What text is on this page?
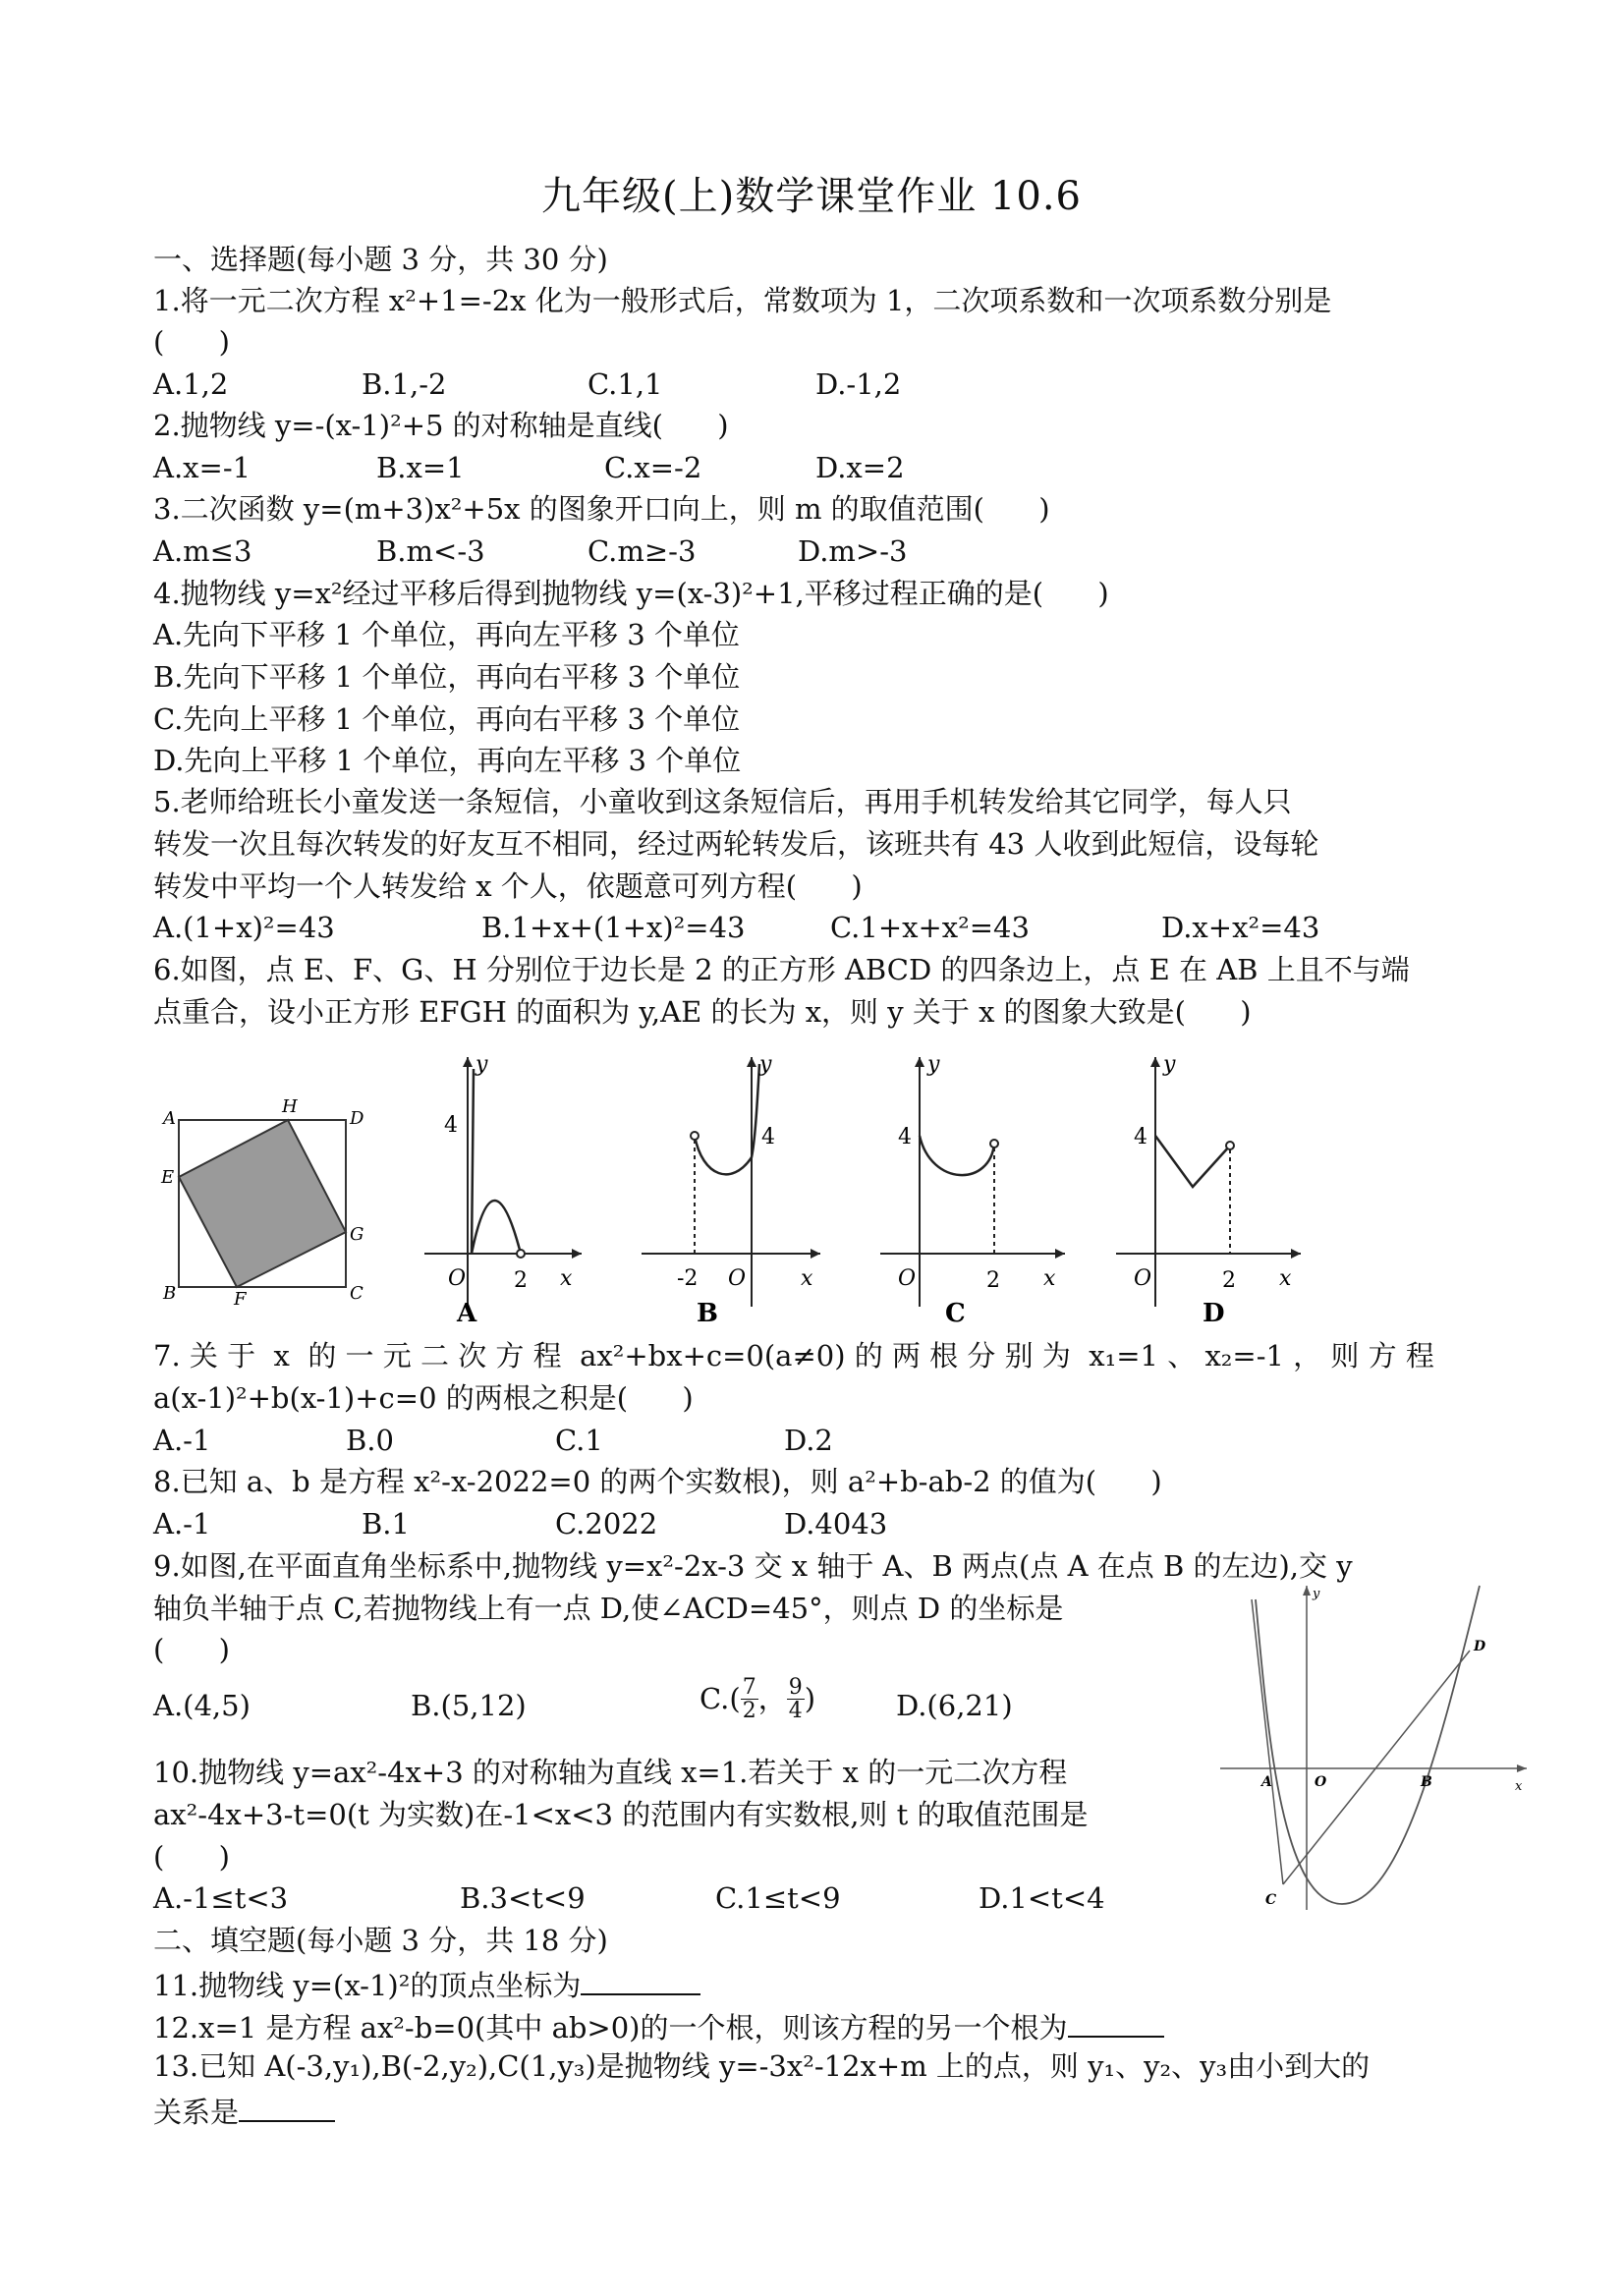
九年级(上)数学课堂作业 10.6
一、选择题(每小题 3 分，共 30 分)
1.将一元二次方程 x²+1=-2x 化为一般形式后，常数项为 1，二次项系数和一次项系数分别是
(      )
A.1,2	B.1,-2	C.1,1	D.-1,2
2.抛物线 y=-(x-1)²+5 的对称轴是直线(      )
A.x=-1	B.x=1	C.x=-2	D.x=2
3.二次函数 y=(m+3)x²+5x 的图象开口向上，则 m 的取值范围(      )
A.m≤3	B.m<-3	C.m≥-3	D.m>-3
4.抛物线 y=x²经过平移后得到抛物线 y=(x-3)²+1,平移过程正确的是(      )
A.先向下平移 1 个单位，再向左平移 3 个单位
B.先向下平移 1 个单位，再向右平移 3 个单位
C.先向上平移 1 个单位，再向右平移 3 个单位
D.先向上平移 1 个单位，再向左平移 3 个单位
5.老师给班长小童发送一条短信，小童收到这条短信后，再用手机转发给其它同学，每人只
转发一次且每次转发的好友互不相同，经过两轮转发后，该班共有 43 人收到此短信，设每轮
转发中平均一个人转发给 x 个人，依题意可列方程(      )
A.(1+x)²=43	B.1+x+(1+x)²=43	C.1+x+x²=43	D.x+x²=43
6.如图，点 E、F、G、H 分别位于边长是 2 的正方形 ABCD 的四条边上，点 E 在 AB 上且不与端
点重合，设小正方形 EFGH 的面积为 y,AE 的长为 x，则 y 关于 x 的图象大致是(      )
A
H
D
E
G
B	F	C
y
4
O 2 x
A
y
4
-2 O	x
B
y
4
O	2 x
C
y
4
O	2 x
D
7. 关 于  x  的 一 元 二 次 方 程  ax²+bx+c=0(a≠0) 的 两 根 分 别 为  x₁=1 、 x₂=-1 ， 则 方 程
a(x-1)²+b(x-1)+c=0 的两根之积是(      )
A.-1	B.0	C.1	D.2
8.已知 a、b 是方程 x²-x-2022=0 的两个实数根)，则 a²+b-ab-2 的值为(      )
A.-1	B.1	C.2022	D.4043
9.如图,在平面直角坐标系中,抛物线 y=x²-2x-3 交 x 轴于 A、B 两点(点 A 在点 B 的左边),交 y
轴负半轴于点 C,若抛物线上有一点 D,使∠ACD=45°，则点 D 的坐标是
(      )
A.(4,5)	B.(5,12)	$C.( \frac{7}{2}$ ， $\frac{9}{4}$ )	D.(6,21)
y
x
A	O	B
C
D
10.抛物线 y=ax²-4x+3 的对称轴为直线 x=1.若关于 x 的一元二次方程
ax²-4x+3-t=0(t 为实数)在-1<x<3 的范围内有实数根,则 t 的取值范围是
(      )
A.-1≤t<3	B.3<t<9	C.1≤t<9	D.1<t<4
二、填空题(每小题 3 分，共 18 分)
11.抛物线 y=(x-1)²的顶点坐标为
12.x=1 是方程 ax²-b=0(其中 ab>0)的一个根，则该方程的另一个根为
13.已知 A(-3,y₁),B(-2,y₂),C(1,y₃)是抛物线 y=-3x²-12x+m 上的点，则 y₁、y₂、y₃由小到大的
关系是
